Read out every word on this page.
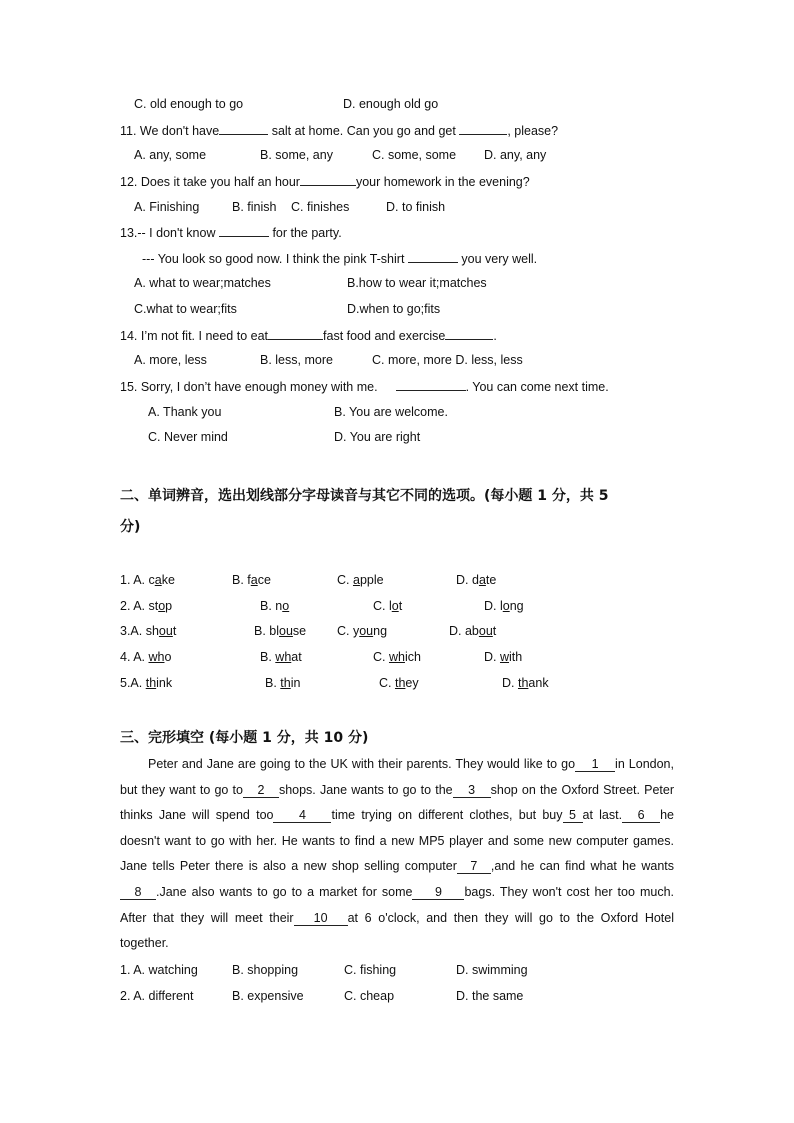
C. old enough to go	D. enough old go
11. We don't have	salt at home. Can you go and get	, please?
A. any, some	B. some, any	C. some, some D. any, any
12. Does it take you half an hour	your homework in the evening?
A. Finishing	B. finish C. finishes	D. to finish
13.-- I don't know	for the party.
--- You look so good now. I think the pink T-shirt	you very well.
A. what to wear;matches	B.how to wear it;matches
C.what to wear;fits	D.when to go;fits
14. I’m not fit. I need to eat	fast food and exercise	.
A. more, less	B. less, more	C. more, more D. less, less
15. Sorry, I don’t have enough money with me.	. You can come next time.
A. Thank you	B. You are welcome.
C. Never mind	D. You are right
二、单词辨音，选出划线部分字母读音与其它不同的选项。(每小题 1 分，共 5
分)
1. A. cake	B. face	C. apple	D. date
2. A. stop	B. no	C. lot	D. long
3.A. shout	B. blouse C. young	D. about
4. A. who	B. what	C. which	D. with
5.A. think	B. thin	C. they	D. thank
三、完形填空 (每小题 1 分，共 10 分)
Peter and Jane are going to the UK with their parents. They would like to go 1 in London, but they want to go to 2 shops. Jane wants to go to the 3 shop on the Oxford Street. Peter thinks Jane will spend too 4 time trying on different clothes, but buy 5 at last. 6 he doesn't want to go with her. He wants to find a new MP5 player and some new computer games. Jane tells Peter there is also a new shop selling computer 7 ,and he can find what he wants8 .Jane also wants to go to a market for some 9 bags. They won't cost her too much. After that they will meet their 10 at 6 o'clock, and then they will go to the Oxford Hotel together.
1. A. watching	B. shopping	C. fishing	D. swimming
2. A. different	B. expensive	C. cheap	D. the same
